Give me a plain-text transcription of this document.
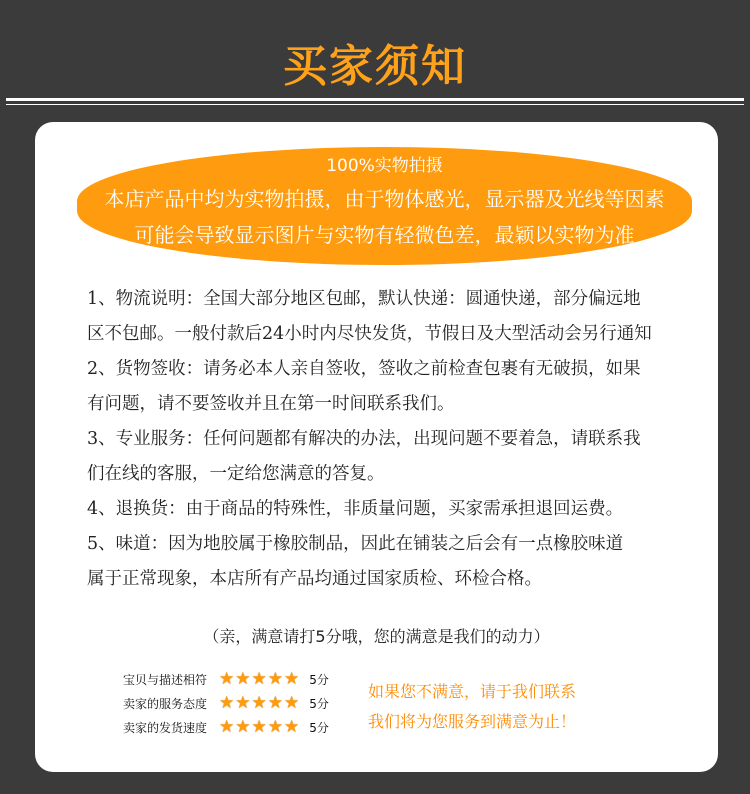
买家须知
100%实物拍摄
本店产品中均为实物拍摄，由于物体感光，显示器及光线等因素
可能会导致显示图片与实物有轻微色差，最颖以实物为准
1、物流说明：全国大部分地区包邮，默认快递：圆通快递，部分偏远地
区不包邮。一般付款后24小时内尽快发货，节假日及大型活动会另行通知
2、货物签收：请务必本人亲自签收，签收之前检查包裹有无破损，如果
有问题，请不要签收并且在第一时间联系我们。
3、专业服务：任何问题都有解决的办法，出现问题不要着急，请联系我
们在线的客服，一定给您满意的答复。
4、退换货：由于商品的特殊性，非质量问题，买家需承担退回运费。
5、味道：因为地胶属于橡胶制品，因此在铺装之后会有一点橡胶味道
属于正常现象，本店所有产品均通过国家质检、环检合格。
（亲，满意请打5分哦，您的满意是我们的动力）
宝贝与描述相符 ★ ★ ★ ★ ★ 5分
卖家的服务态度 ★ ★ ★ ★ ★ 5分
卖家的发货速度 ★ ★ ★ ★ ★ 5分
如果您不满意，请于我们联系
我们将为您服务到满意为止！
